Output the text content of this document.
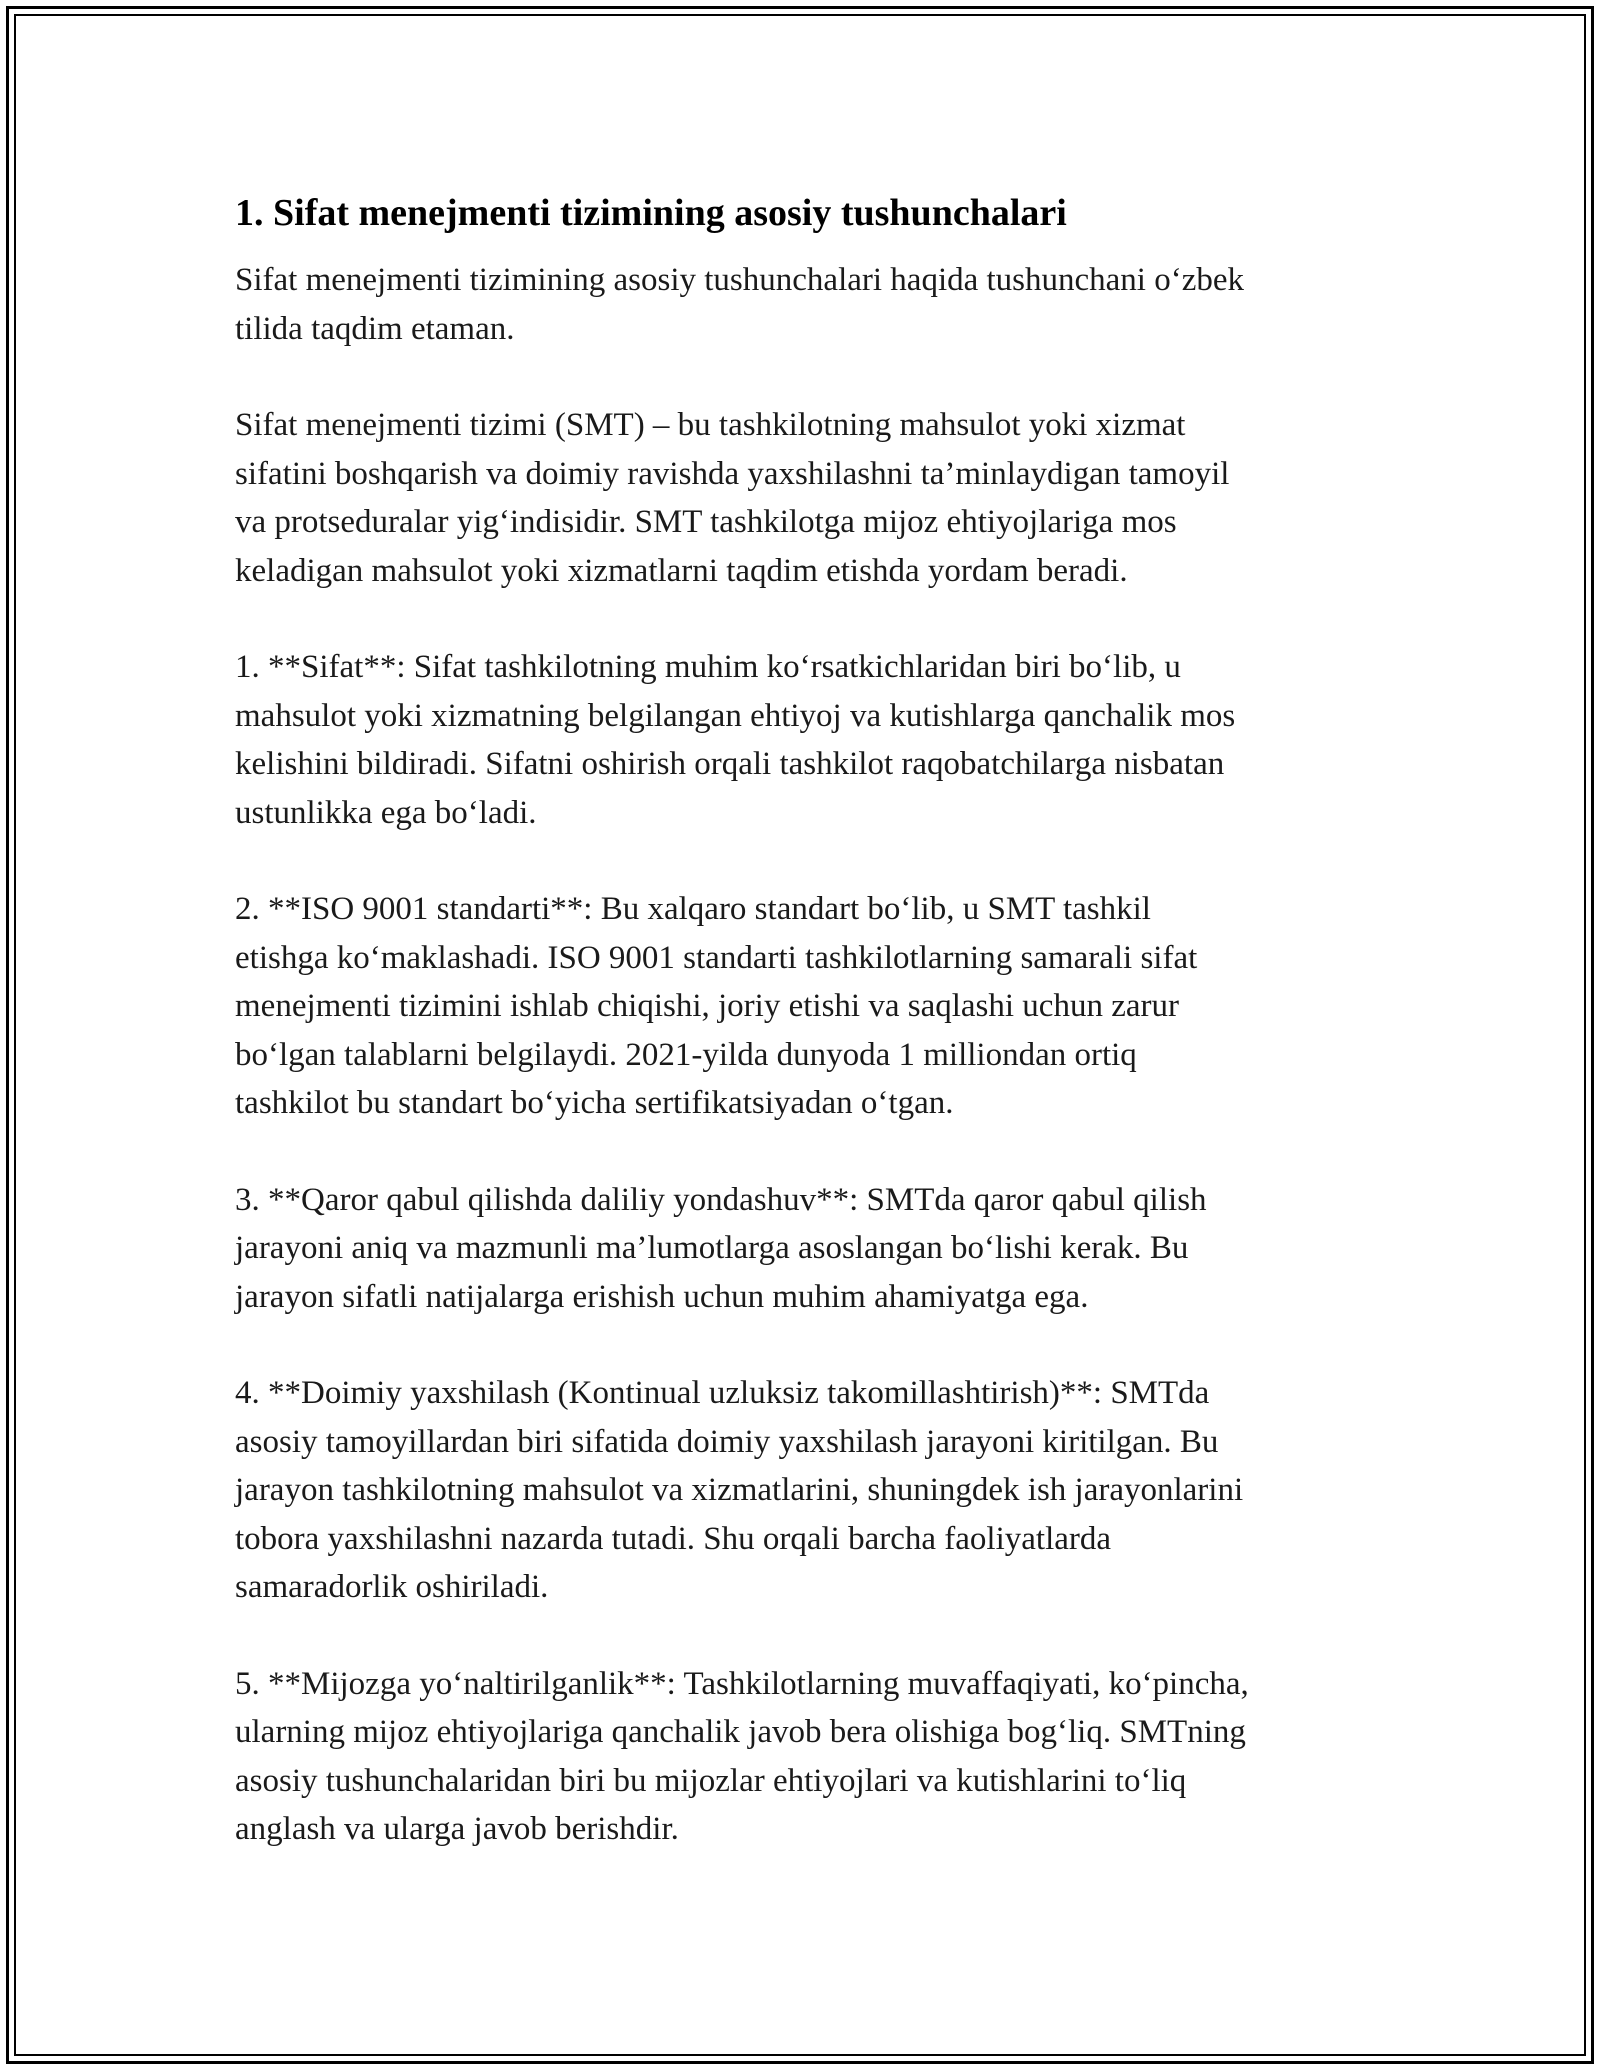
1. Sifat menejmenti tizimining asosiy tushunchalari

Sifat menejmenti tizimining asosiy tushunchalari haqida tushunchani o‘zbek
tilida taqdim etaman.

Sifat menejmenti tizimi (SMT) – bu tashkilotning mahsulot yoki xizmat
sifatini boshqarish va doimiy ravishda yaxshilashni ta’minlaydigan tamoyil
va protseduralar yig‘indisidir. SMT tashkilotga mijoz ehtiyojlariga mos
keladigan mahsulot yoki xizmatlarni taqdim etishda yordam beradi.

1. **Sifat**: Sifat tashkilotning muhim ko‘rsatkichlaridan biri bo‘lib, u
mahsulot yoki xizmatning belgilangan ehtiyoj va kutishlarga qanchalik mos
kelishini bildiradi. Sifatni oshirish orqali tashkilot raqobatchilarga nisbatan
ustunlikka ega bo‘ladi.

2. **ISO 9001 standarti**: Bu xalqaro standart bo‘lib, u SMT tashkil
etishga ko‘maklashadi. ISO 9001 standarti tashkilotlarning samarali sifat
menejmenti tizimini ishlab chiqishi, joriy etishi va saqlashi uchun zarur
bo‘lgan talablarni belgilaydi. 2021-yilda dunyoda 1 milliondan ortiq
tashkilot bu standart bo‘yicha sertifikatsiyadan o‘tgan.

3. **Qaror qabul qilishda daliliy yondashuv**: SMTda qaror qabul qilish
jarayoni aniq va mazmunli ma’lumotlarga asoslangan bo‘lishi kerak. Bu
jarayon sifatli natijalarga erishish uchun muhim ahamiyatga ega.

4. **Doimiy yaxshilash (Kontinual uzluksiz takomillashtirish)**: SMTda
asosiy tamoyillardan biri sifatida doimiy yaxshilash jarayoni kiritilgan. Bu
jarayon tashkilotning mahsulot va xizmatlarini, shuningdek ish jarayonlarini
tobora yaxshilashni nazarda tutadi. Shu orqali barcha faoliyatlarda
samaradorlik oshiriladi.

5. **Mijozga yo‘naltirilganlik**: Tashkilotlarning muvaffaqiyati, ko‘pincha,
ularning mijoz ehtiyojlariga qanchalik javob bera olishiga bog‘liq. SMTning
asosiy tushunchalaridan biri bu mijozlar ehtiyojlari va kutishlarini to‘liq
anglash va ularga javob berishdir.
